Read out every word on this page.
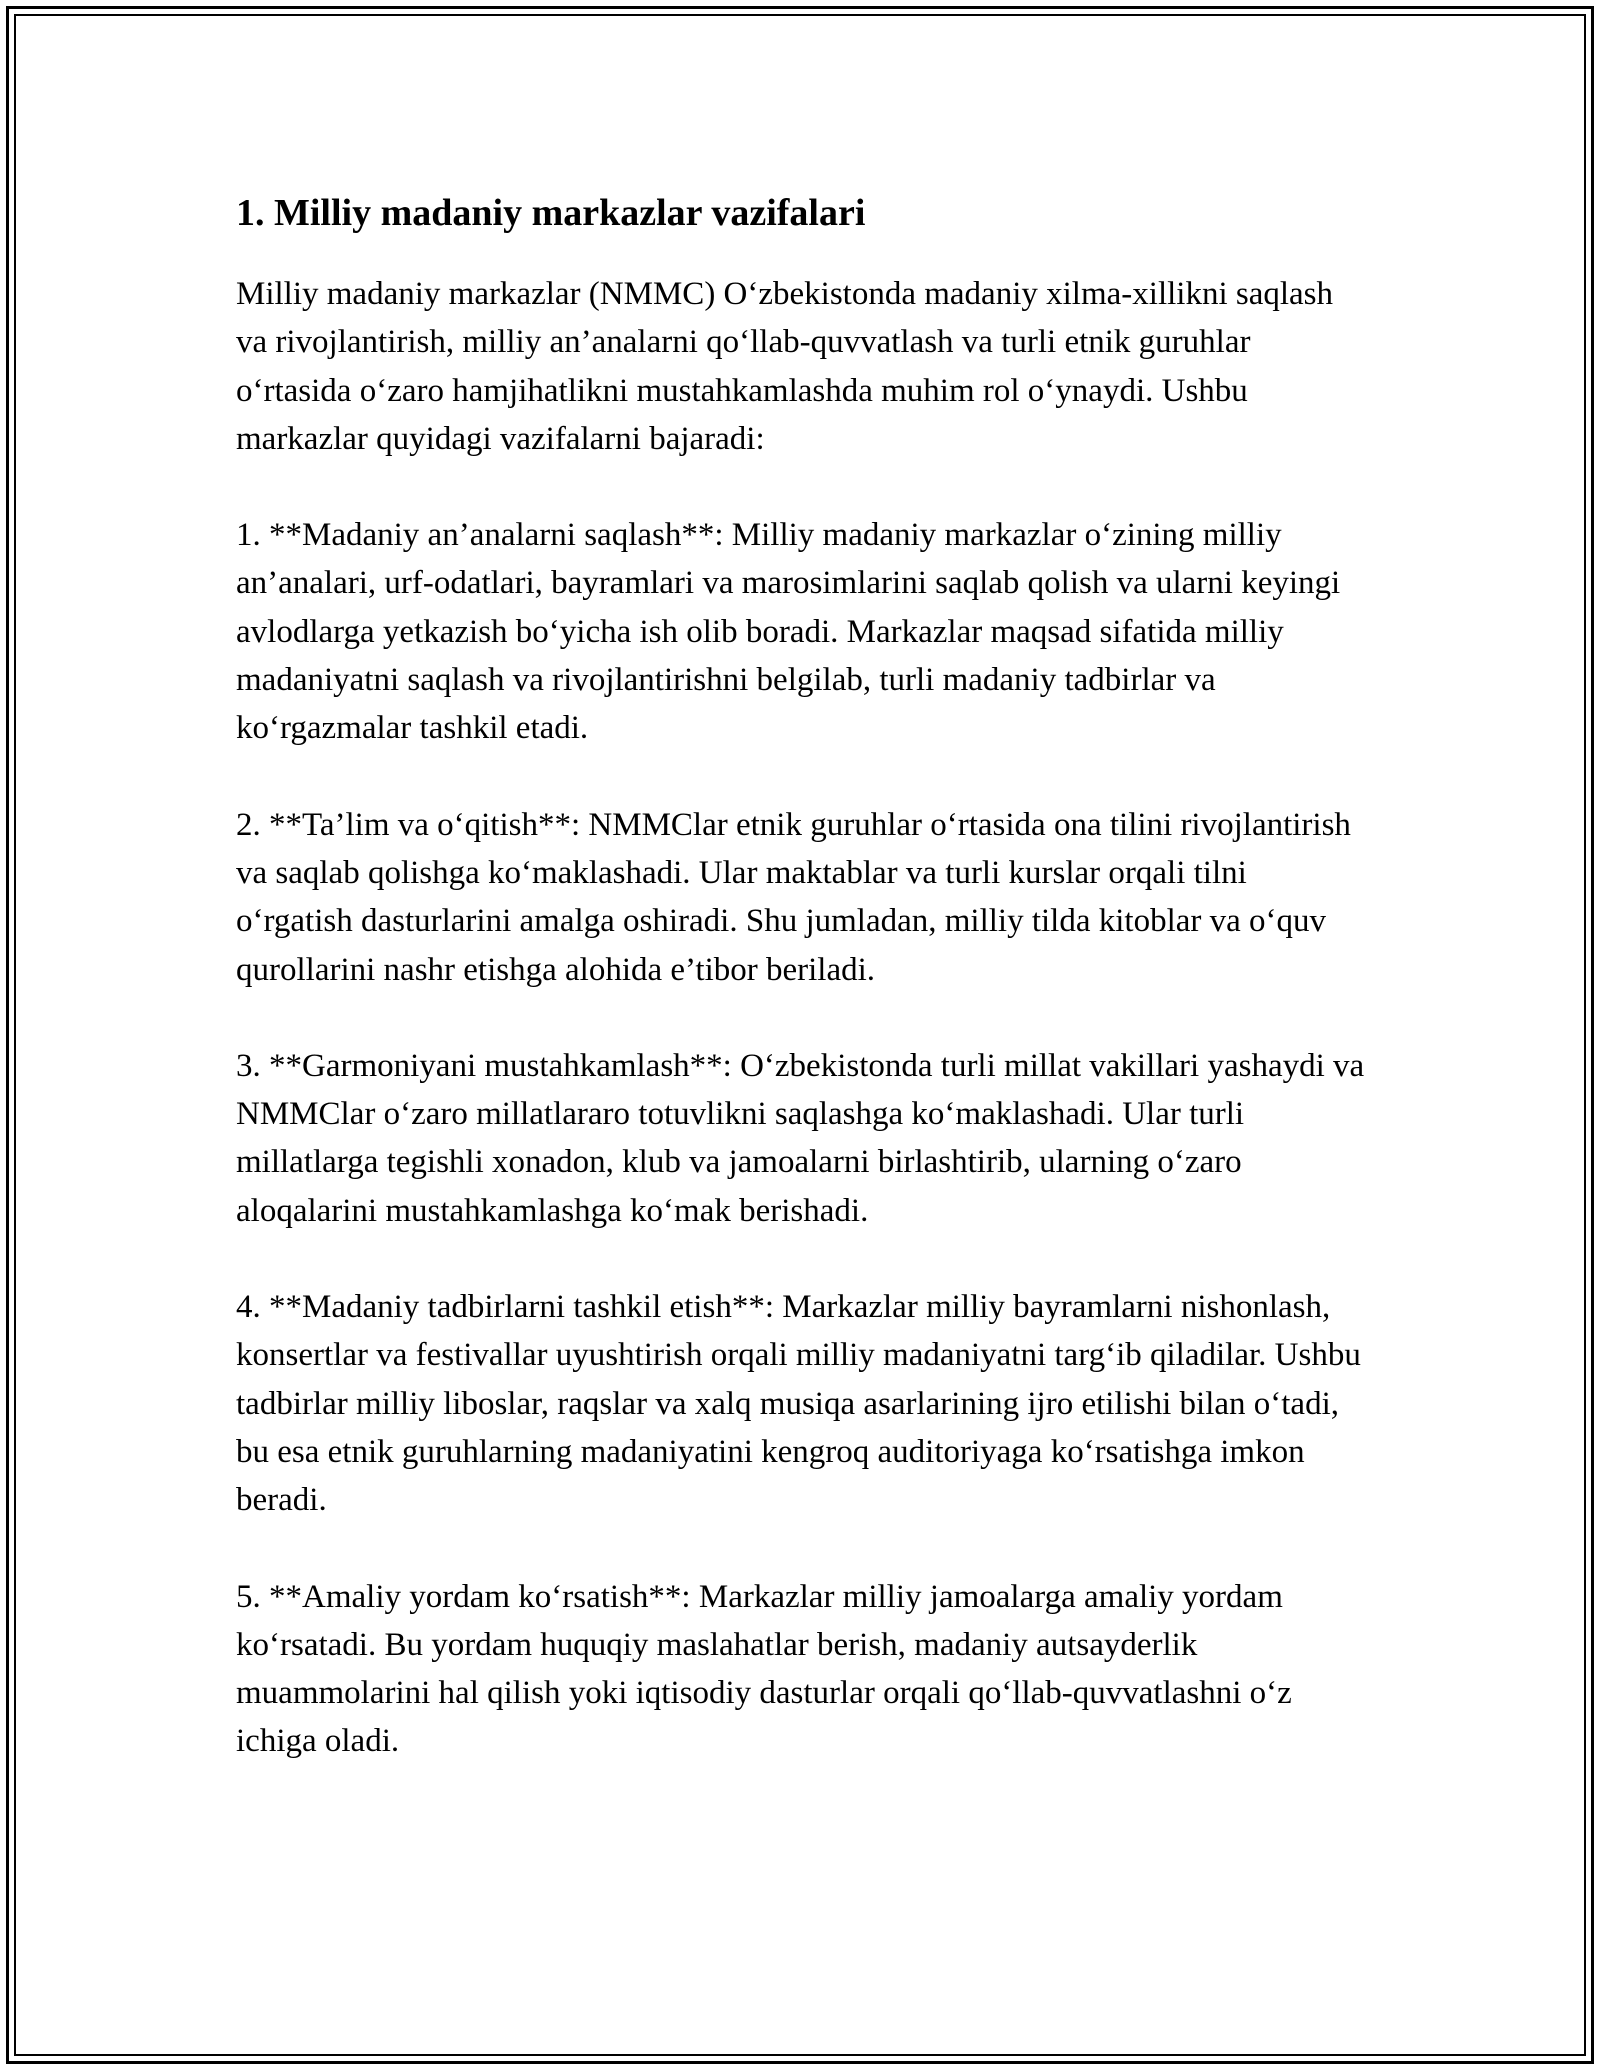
1. Milliy madaniy markazlar vazifalari

Milliy madaniy markazlar (NMMC) O‘zbekistonda madaniy xilma-xillikni saqlash va rivojlantirish, milliy an’analarni qo‘llab-quvvatlash va turli etnik guruhlar o‘rtasida o‘zaro hamjihatlikni mustahkamlashda muhim rol o‘ynaydi. Ushbu markazlar quyidagi vazifalarni bajaradi:

1. **Madaniy an’analarni saqlash**: Milliy madaniy markazlar o‘zining milliy an’analari, urf-odatlari, bayramlari va marosimlarini saqlab qolish va ularni keyingi avlodlarga yetkazish bo‘yicha ish olib boradi. Markazlar maqsad sifatida milliy madaniyatni saqlash va rivojlantirishni belgilab, turli madaniy tadbirlar va ko‘rgazmalar tashkil etadi.

2. **Ta’lim va o‘qitish**: NMMClar etnik guruhlar o‘rtasida ona tilini rivojlantirish va saqlab qolishga ko‘maklashadi. Ular maktablar va turli kurslar orqali tilni o‘rgatish dasturlarini amalga oshiradi. Shu jumladan, milliy tilda kitoblar va o‘quv qurollarini nashr etishga alohida e’tibor beriladi.

3. **Garmoniyani mustahkamlash**: O‘zbekistonda turli millat vakillari yashaydi va NMMClar o‘zaro millatlararo totuvlikni saqlashga ko‘maklashadi. Ular turli millatlarga tegishli xonadon, klub va jamoalarni birlashtirib, ularning o‘zaro aloqalarini mustahkamlashga ko‘mak berishadi.

4. **Madaniy tadbirlarni tashkil etish**: Markazlar milliy bayramlarni nishonlash, konsertlar va festivallar uyushtirish orqali milliy madaniyatni targ‘ib qiladilar. Ushbu tadbirlar milliy liboslar, raqslar va xalq musiqa asarlarining ijro etilishi bilan o‘tadi, bu esa etnik guruhlarning madaniyatini kengroq auditoriyaga ko‘rsatishga imkon beradi.

5. **Amaliy yordam ko‘rsatish**: Markazlar milliy jamoalarga amaliy yordam ko‘rsatadi. Bu yordam huquqiy maslahatlar berish, madaniy autsayderlik muammolarini hal qilish yoki iqtisodiy dasturlar orqali qo‘llab-quvvatlashni o‘z ichiga oladi.
